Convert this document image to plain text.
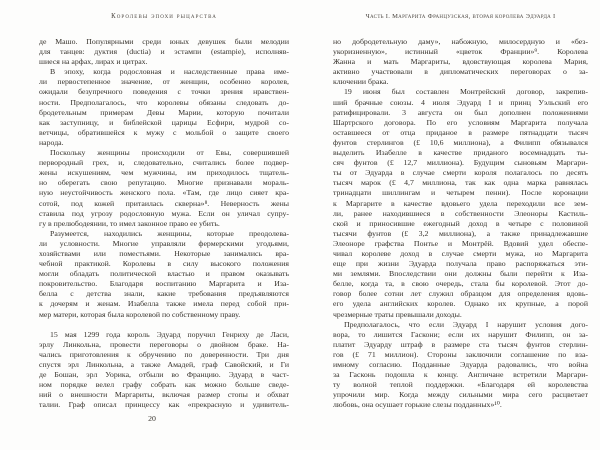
Королевы эпохи рыцарства	Часть I. Маргарита Французская, вторая королева Эдуарда I
де Машо. Популярными среди юных девушек были мелодии
для танцев: дуктия (ductia) и эстампи (estampie), исполняв-
шиеся на арфах, лирах и цитрах.
В эпоху, когда родословная и наследственные права име-
ли первостепенное значение, от женщин, особенно королев,
ожидали безупречного поведения с точки зрения нравствен-
ности. Предполагалось, что королевы обязаны следовать до-
бродетельным примерам Девы Марии, которую почитали
как заступницу, и библейской царицы Есфири, мудрой со-
ветчицы, обратившейся к мужу с мольбой о защите своего
народа.
Поскольку женщины происходили от Евы, совершившей
первородный грех, и, следовательно, считались более подвер-
жены искушениям, чем мужчины, им приходилось тщатель-
но оберегать свою репутацию. Многие признавали мораль-
ную неустойчивость женского пола. «Там, где лицо сияет кра-
сотой, под кожей притаилась скверна»⁸. Неверность жены
ставила под угрозу родословную мужа. Если он уличал супру-
гу в прелюбодеянии, то имел законное право ее убить.
Разумеется, находились женщины, которые преодолева-
ли условности. Многие управляли фермерскими угодьями,
хозяйствами или поместьями. Некоторые занимались вра-
чебной практикой. Королевы в силу высокого положения
могли обладать политической властью и правом оказывать
покровительство. Благодаря воспитанию Маргарита и Иза-
белла с детства знали, какие требования предъявляются
к дочерям и женам. Изабелла также имела перед собой при-
мер матери, которая была королевой по собственному праву.
15 мая 1299 года король Эдуард поручил Генриху де Ласи,
эрлу Линкольна, провести переговоры о двойном браке. На-
чались приготовления к обручению по доверенности. Три дня
спустя эрл Линкольна, а также Амадей, граф Савойский, и Ги
де Бошан, эрл Уорика, отбыли во Францию. Эдуард в част-
ном порядке велел графу собрать как можно больше сведе-
ний о внешности Маргариты, включая размер стопы и обхват
талии. Граф описал принцессу как «прекрасную и удивитель-
но добродетельную даму», набожную, милосердную и «без-
укоризненную», истинный «цветок Франции»⁹. Королева
Жанна и мать Маргариты, вдовствующая королева Мария,
активно участвовали в дипломатических переговорах о за-
ключении брака.
19 июня был составлен Монтрейский договор, закрепив-
ший брачные союзы. 4 июля Эдуард I и принц Уэльский его
ратифицировали. 3 августа он был дополнен положениями
Шартрского договора. По его условиям Маргарита получала
оставшееся от отца приданое в размере пятнадцати тысяч
фунтов стерлингов (£ 10,6 миллиона), а Филипп обязывался
выделить Изабелле в качестве приданого восемнадцать ты-
сяч фунтов (£ 12,7 миллиона). Будущим сыновьям Маргари-
ты от Эдуарда в случае смерти короля полагалось по десять
тысяч марок (£ 4,7 миллиона, так как одна марка равнялась
тринадцати шиллингам и четырем пенни). После коронации
к Маргарите в качестве вдовьего удела переходили все зем-
ли, ранее находившиеся в собственности Элеоноры Кастиль-
ской и приносившие ежегодный доход в четыре с половиной
тысячи фунтов (£ 3,2 миллиона), а также принадлежавшие
Элеоноре графства Понтье и Монтрёй. Вдовий удел обеспе-
чивал королеве доход в случае смерти мужа, но Маргарита
еще при жизни Эдуарда получала право распоряжаться эти-
ми землями. Впоследствии они должны были перейти к Иза-
белле, когда та, в свою очередь, стала бы королевой. Этот до-
говор более сотни лет служил образцом для определения вдовь-
его удела английских королев. Однако их крупные, а порой
чрезмерные траты превышали доходы.
Предполагалось, что если Эдуард I нарушит условия дого-
вора, то лишится Гаскони; если их нарушит Филипп, он за-
платит Эдуарду штраф в размере ста тысяч фунтов стерлин-
гов (£ 71 миллион). Стороны заключили соглашение по вза-
имному согласию. Подданные Эдуарда радовались, что война
за Гасконь подошла к концу. Англичане встретили Маргари-
ту волной теплой поддержки. «Благодаря ей королевства
упрочили мир. Когда между сильными мира сего расцветает
любовь, она осушает горькие слезы подданных»¹⁰.
20
